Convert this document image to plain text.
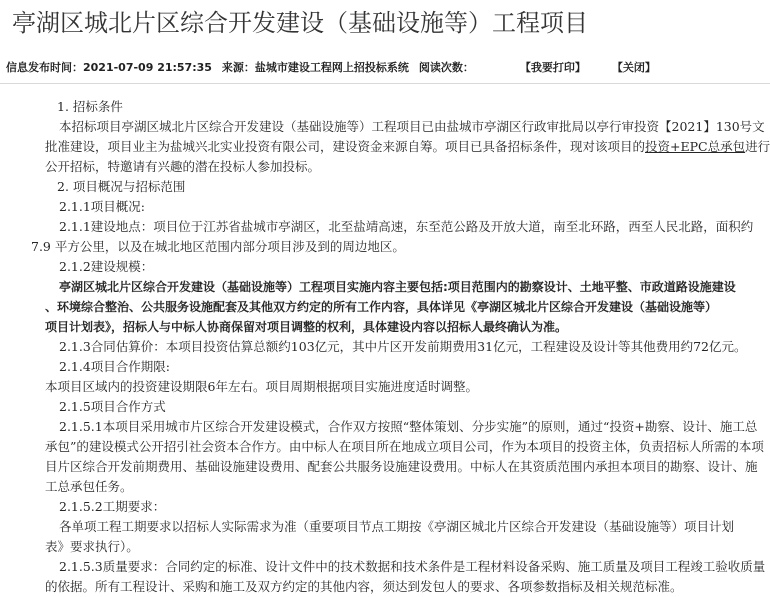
亭湖区城北片区综合开发建设（基础设施等）工程项目
信息发布时间： 2021-07-09 21:57:35 来源： 盐城市建设工程网上招投标系统 阅读次数：	【我要打印】 【关闭】
1. 招标条件
本招标项目亭湖区城北片区综合开发建设（基础设施等）工程项目已由盐城市亭湖区行政审批局以亭行审投资【2021】130号文
批准建设，项目业主为盐城兴北实业投资有限公司，建设资金来源自筹。项目已具备招标条件，现对该项目的投资+EPC总承包进行
公开招标，特邀请有兴趣的潜在投标人参加投标。
2. 项目概况与招标范围
2.1.1项目概况:
2.1.1建设地点：项目位于江苏省盐城市亭湖区，北至盐靖高速，东至范公路及开放大道，南至北环路，西至人民北路，面积约
7.9 平方公里，以及在城北地区范围内部分项目涉及到的周边地区。
2.1.2建设规模：
亭湖区城北片区综合开发建设（基础设施等）工程项目实施内容主要包括:项目范围内的勘察设计、土地平整、市政道路设施建设
、环境综合整治、公共服务设施配套及其他双方约定的所有工作内容，具体详见《亭湖区城北片区综合开发建设（基础设施等）
项目计划表》，招标人与中标人协商保留对项目调整的权利，具体建设内容以招标人最终确认为准。
2.1.3合同估算价：本项目投资估算总额约103亿元，其中片区开发前期费用31亿元，工程建设及设计等其他费用约72亿元。
2.1.4项目合作期限:
本项目区域内的投资建设期限6年左右。项目周期根据项目实施进度适时调整。
2.1.5项目合作方式
2.1.5.1本项目采用城市片区综合开发建设模式，合作双方按照“整体策划、分步实施”的原则，通过“投资+勘察、设计、施工总
承包”的建设模式公开招引社会资本合作方。由中标人在项目所在地成立项目公司，作为本项目的投资主体，负责招标人所需的本项
目片区综合开发前期费用、基础设施建设费用、配套公共服务设施建设费用。中标人在其资质范围内承担本项目的勘察、设计、施
工总承包任务。
2.1.5.2工期要求：
各单项工程工期要求以招标人实际需求为准（重要项目节点工期按《亭湖区城北片区综合开发建设（基础设施等）项目计划
表》要求执行）。
2.1.5.3质量要求：合同约定的标准、设计文件中的技术数据和技术条件是工程材料设备采购、施工质量及项目工程竣工验收质量
的依据。所有工程设计、采购和施工及双方约定的其他内容，须达到发包人的要求、各项参数指标及相关规范标准。
